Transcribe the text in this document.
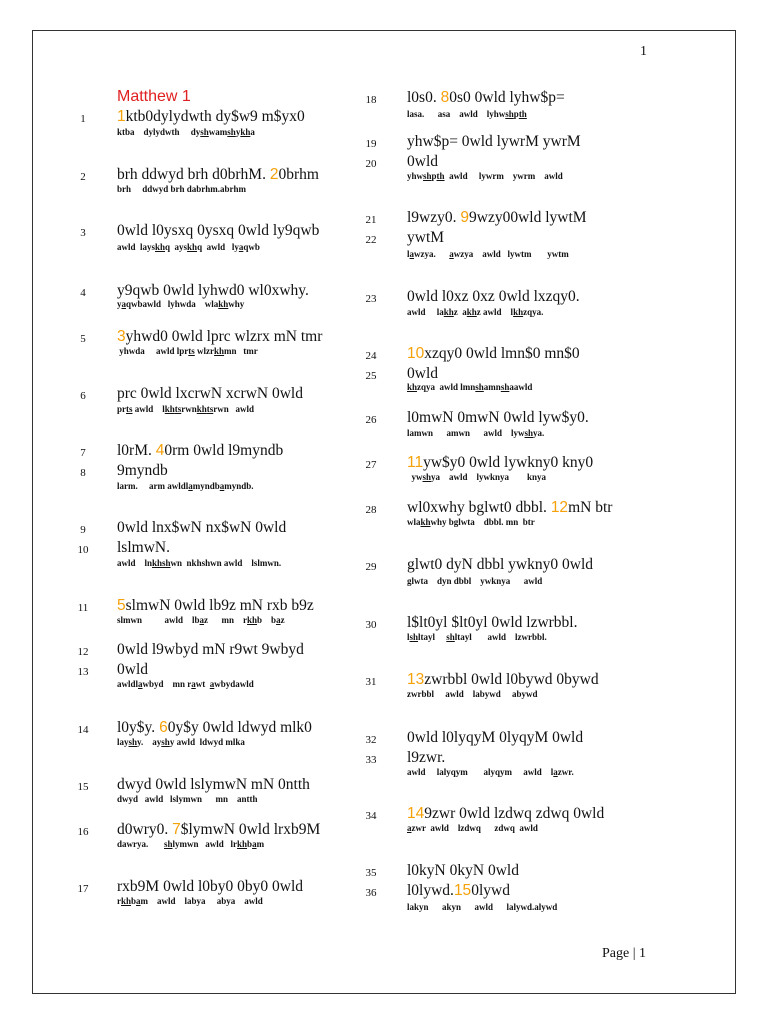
1
Matthew 1
1	1ktb0dylydwth dy$w9 m$yx0
ktba    dylydwth     dyshwamshykha
2	brh ddwyd brh d0brhM. 20brhm
brh     ddwyd brh dabrhm.abrhm
3	0wld l0ysxq 0ysxq 0wld ly9qwb
awld  layskhq  ayskhq  awld   lyaqwb
4	y9qwb 0wld lyhwd0 wl0xwhy.
yaqwbawld   lyhwda    wlakhwhy
5	3yhwd0 0wld lprc wlzrx mN tmr
yhwda     awld lprts wlzrkhmn   tmr
6	prc 0wld lxcrwN xcrwN 0wld
prts awld    lkhtsrwnkhtsrwn   awld
7	l0rM. 40rm 0wld l9myndb
8	9myndb
larm.     arm awldlamyndbamyndb.
9	0wld lnx$wN nx$wN 0wld
10	lslmwN.
awld    lnkhshwn  nkhshwn awld    lslmwn.
11	5slmwN 0wld lb9z mN rxb b9z
slmwn          awld    lbaz      mn    rkhb    baz
12	0wld l9wbyd mN r9wt 9wbyd
13	0wld
awldlawbyd    mn rawt  awbydawld
14	l0y$y. 60y$y 0wld ldwyd mlk0
layshy.    ayshy awld  ldwyd mlka
15	dwyd 0wld lslymwN mN 0ntth
dwyd   awld   lslymwn      mn    antth
16	d0wry0. 7$lymwN 0wld lrxb9M
dawrya.       shlymwn   awld   lrkhbam
17	rxb9M 0wld l0by0 0by0 0wld
rkhbam    awld    labya     abya    awld
18	l0s0. 80s0 0wld lyhw$p=
lasa.      asa    awld    lyhwshpth
19	yhw$p= 0wld lywrM ywrM
20	0wld
yhwshpth  awld     lywrm    ywrm    awld
21	l9wzy0. 99wzy00wld lywtM
22	ywtM
lawzya.      awzya    awld   lywtm       ywtm
23	0wld l0xz 0xz 0wld lxzqy0.
awld     lakhz  akhz awld    lkhzqya.
24	10xzqy0 0wld lmn$0 mn$0
25	0wld
khzqya  awld lmnshamnshaawld
26	l0mwN 0mwN 0wld lyw$y0.
lamwn      amwn      awld    lywshya.
27	11yw$y0 0wld lywkny0 kny0
ywshya    awld    lywknya        knya
28	wl0xwhy bglwt0 dbbl. 12mN btr
wlakhwhy bglwta    dbbl. mn  btr
29	glwt0 dyN dbbl ywkny0 0wld
glwta    dyn dbbl    ywknya      awld
30	l$lt0yl $lt0yl 0wld lzwrbbl.
lshltayl     shltayl       awld    lzwrbbl.
31	13zwrbbl 0wld l0bywd 0bywd
zwrbbl     awld    labywd     abywd
32	0wld l0lyqyM 0lyqyM 0wld
33	l9zwr.
awld     lalyqym       alyqym     awld    lazwr.
34	149zwr 0wld lzdwq zdwq 0wld
azwr  awld    lzdwq      zdwq  awld
35	l0kyN 0kyN 0wld
36	l0lywd.150lywd
lakyn      akyn      awld      lalywd.alywd
Page | 1
